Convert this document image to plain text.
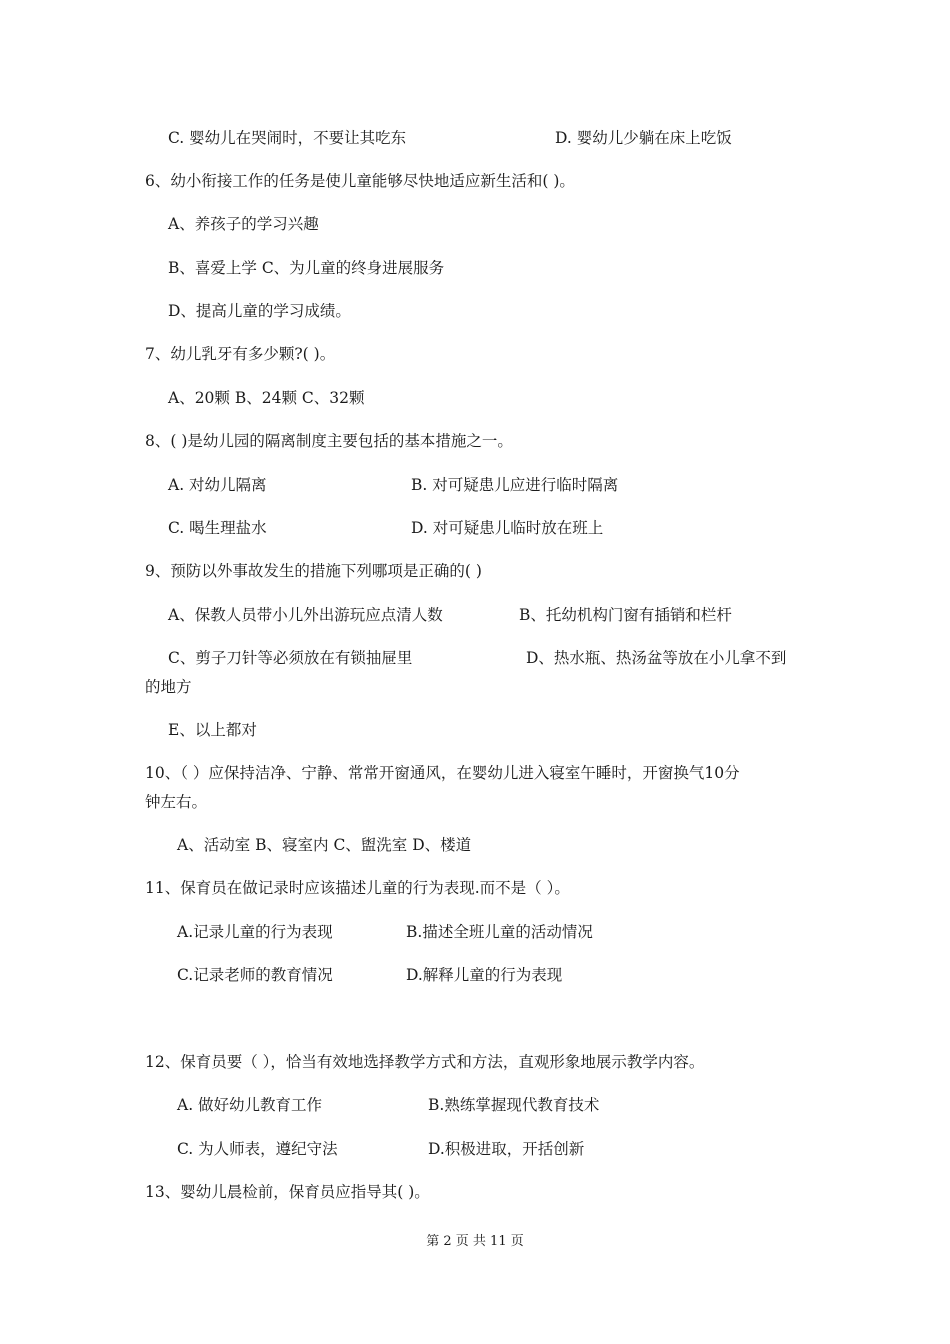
C. 婴幼儿在哭闹时，不要让其吃东	D. 婴幼儿少躺在床上吃饭
6、幼小衔接工作的任务是使儿童能够尽快地适应新生活和( )。
A、养孩子的学习兴趣
B、喜爱上学 C、为儿童的终身进展服务
D、提高儿童的学习成绩。
7、幼儿乳牙有多少颗?( )。
A、20颗 B、24颗 C、32颗
8、( )是幼儿园的隔离制度主要包括的基本措施之一。
A. 对幼儿隔离	B. 对可疑患儿应进行临时隔离
C. 喝生理盐水	D. 对可疑患儿临时放在班上
9、预防以外事故发生的措施下列哪项是正确的( )
A、保教人员带小儿外出游玩应点清人数	B、托幼机构门窗有插销和栏杆
C、剪子刀针等必须放在有锁抽屉里	D、热水瓶、热汤盆等放在小儿拿不到
的地方
E、以上都对
10、（ ）应保持洁净、宁静、常常开窗通风，在婴幼儿进入寝室午睡时，开窗换气10分
钟左右。
A、活动室 B、寝室内 C、盥洗室 D、楼道
11、保育员在做记录时应该描述儿童的行为表现.而不是（ ）。
A.记录儿童的行为表现	B.描述全班儿童的活动情况
C.记录老师的教育情况	D.解释儿童的行为表现
12、保育员要（ ），恰当有效地选择教学方式和方法，直观形象地展示教学内容。
A. 做好幼儿教育工作	B.熟练掌握现代教育技术
C. 为人师表，遵纪守法	D.积极进取，开括创新
13、婴幼儿晨检前，保育员应指导其( )。
第 2 页 共 11 页
